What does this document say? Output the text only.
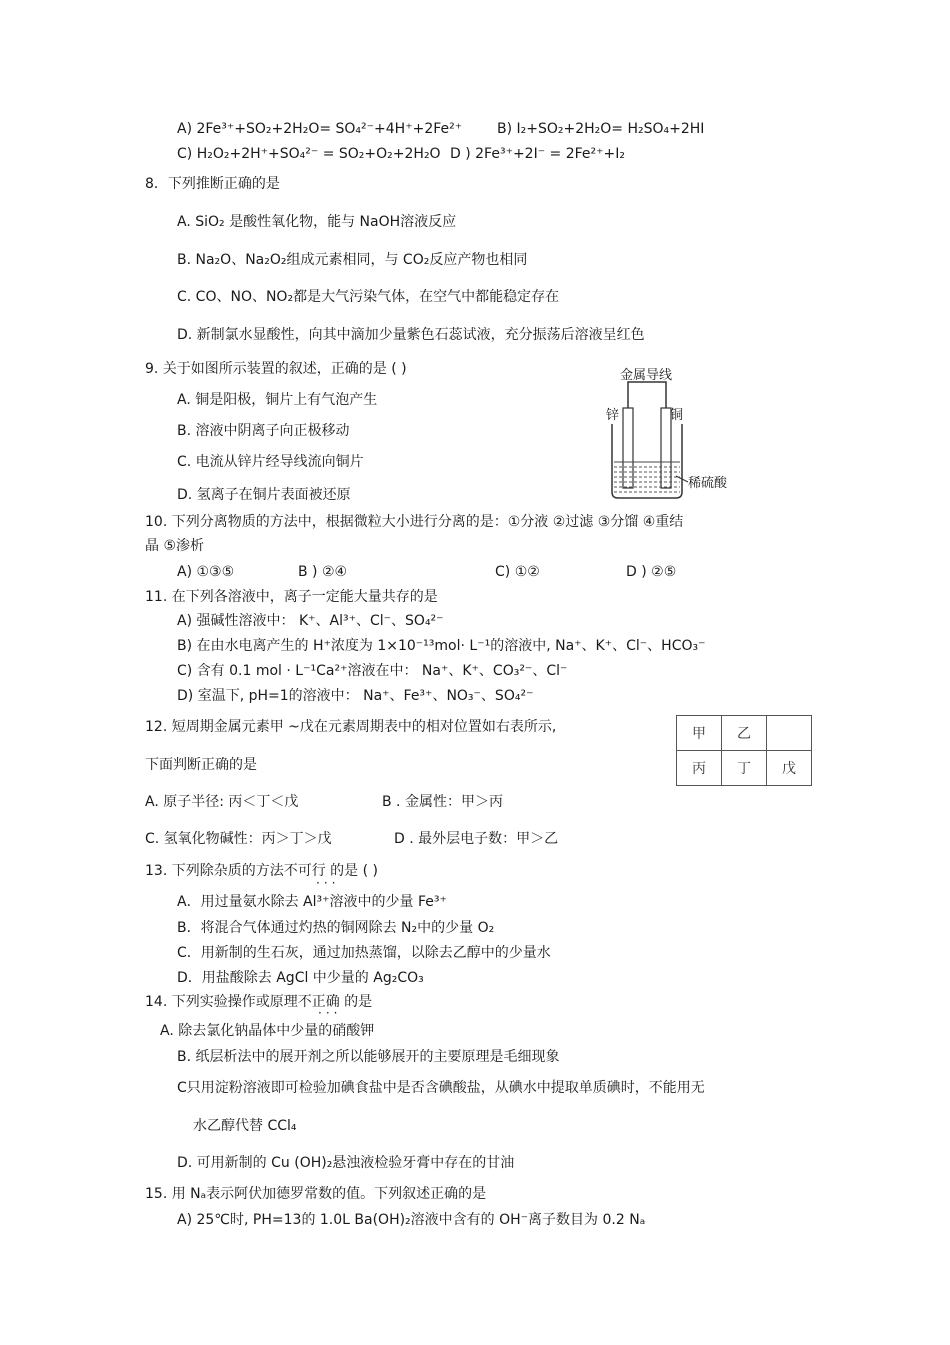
A) 2Fe³⁺+SO₂+2H₂O= SO₄²⁻+4H⁺+2Fe²⁺ B) I₂+SO₂+2H₂O= H₂SO₄+2HI
C) H₂O₂+2H⁺+SO₄²⁻ = SO₂+O₂+2H₂O D ) 2Fe³⁺+2I⁻ = 2Fe²⁺+I₂
8．下列推断正确的是
A. SiO₂ 是酸性氧化物，能与 NaOH溶液反应
B. Na₂O、Na₂O₂组成元素相同，与 CO₂反应产物也相同
C. CO、NO、NO₂都是大气污染气体，在空气中都能稳定存在
D. 新制氯水显酸性，向其中滴加少量紫色石蕊试液，充分振荡后溶液呈红色
9. 关于如图所示装置的叙述，正确的是 ( )
A. 铜是阳极，铜片上有气泡产生
B. 溶液中阴离子向正极移动
C. 电流从锌片经导线流向铜片
D. 氢离子在铜片表面被还原
金属导线
锌	铜
稀硫酸
10. 下列分离物质的方法中，根据微粒大小进行分离的是：①分液 ②过滤 ③分馏 ④重结
晶 ⑤渗析
A) ①③⑤	B ) ②④	C) ①②	D ) ②⑤
11. 在下列各溶液中，离子一定能大量共存的是
A) 强碱性溶液中： K⁺、Al³⁺、Cl⁻、SO₄²⁻
B) 在由水电离产生的 H⁺浓度为 1×10⁻¹³mol· L⁻¹的溶液中, Na⁺、K⁺、Cl⁻、HCO₃⁻
C) 含有 0.1 mol · L⁻¹Ca²⁺溶液在中： Na⁺、K⁺、CO₃²⁻、Cl⁻
D) 室温下, pH=1的溶液中： Na⁺、Fe³⁺、NO₃⁻、SO₄²⁻
12. 短周期金属元素甲 ~戊在元素周期表中的相对位置如右表所示,
下面判断正确的是
甲	乙	
丙	丁	戊
A. 原子半径: 丙＜丁＜戊	B . 金属性：甲＞丙
C. 氢氧化物碱性：丙＞丁＞戊	D . 最外层电子数：甲＞乙
13. 下列除杂质的方法不可行 的是 ( )
···
A．用过量氨水除去 Al³⁺溶液中的少量 Fe³⁺
B．将混合气体通过灼热的铜网除去 N₂中的少量 O₂
C．用新制的生石灰，通过加热蒸馏，以除去乙醇中的少量水
D．用盐酸除去 AgCl 中少量的 Ag₂CO₃
14. 下列实验操作或原理不正确 的是
···
A. 除去氯化钠晶体中少量的硝酸钾
B. 纸层析法中的展开剂之所以能够展开的主要原理是毛细现象
C只用淀粉溶液即可检验加碘食盐中是否含碘酸盐，从碘水中提取单质碘时，不能用无
水乙醇代替 CCl₄
D. 可用新制的 Cu (OH)₂悬浊液检验牙膏中存在的甘油
15. 用 Nₐ表示阿伏加德罗常数的值。下列叙述正确的是
A) 25℃时, PH=13的 1.0L Ba(OH)₂溶液中含有的 OH⁻离子数目为 0.2 Nₐ
